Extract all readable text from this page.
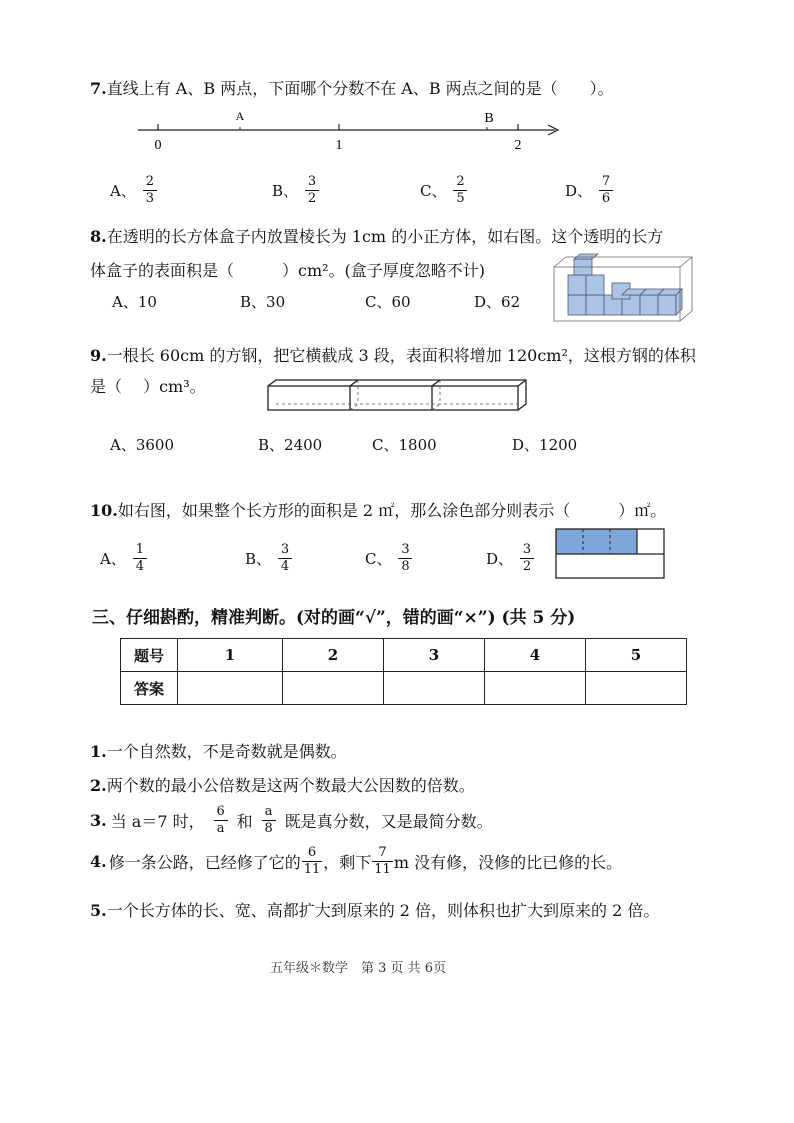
7.直线上有 A、B 两点，下面哪个分数不在 A、B 两点之间的是（　　）。
A	B
0	1	2
A、 $\frac{2}{3}$	B、 $\frac{3}{2}$	C、 $\frac{2}{5}$	D、 $\frac{7}{6}$
8.在透明的长方体盒子内放置棱长为 1cm 的小正方体，如右图。这个透明的长方
体盒子的表面积是（　　　）cm²。(盒子厚度忽略不计)
A、10	B、30	C、60	D、62
9.一根长 60cm 的方钢，把它横截成 3 段，表面积将增加 120cm²，这根方钢的体积
是（　 ）cm³。
A、3600	B、2400	C、1800	D、1200
10.如右图，如果整个长方形的面积是 2 ㎡，那么涂色部分则表示（　　　）㎡。
A、 $\frac{1}{4}$	B、 $\frac{3}{4}$	C、 $\frac{3}{8}$	D、 $\frac{3}{2}$
三、仔细斟酌，精准判断。(对的画“√”，错的画“×”) (共 5 分)
题号	1	2	3	4	5
答案					
1.一个自然数，不是奇数就是偶数。
2.两个数的最小公倍数是这两个数最大公因数的倍数。
3. 当 a＝7 时， $\frac{6}{a}$ 和 $\frac{a}{8}$ 既是真分数，又是最简分数。
4. 修一条公路，已经修了它的 $\frac{6}{11}$ ，剩下 $\frac{7}{11}$ m 没有修，没修的比已修的长。
5.一个长方体的长、宽、高都扩大到原来的 2 倍，则体积也扩大到原来的 2 倍。
五年级＊数学　第 3 页 共 6页
